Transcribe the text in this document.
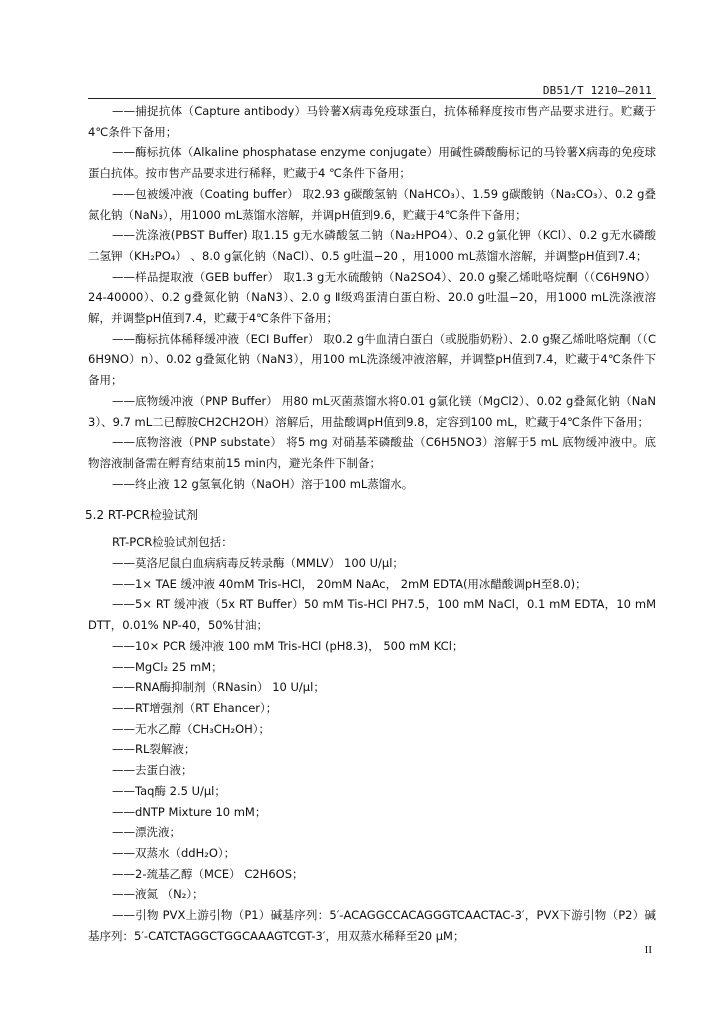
DB51/T 1210—2011

——捕捉抗体（Capture antibody）马铃薯X病毒免疫球蛋白，抗体稀释度按市售产品要求进行。贮藏于4℃条件下备用；

——酶标抗体（Alkaline phosphatase enzyme conjugate）用碱性磷酸酶标记的马铃薯X病毒的免疫球蛋白抗体。按市售产品要求进行稀释，贮藏于4 ℃条件下备用；

——包被缓冲液（Coating buffer） 取2.93 g碳酸氢钠（NaHCO₃）、1.59 g碳酸钠（Na₂CO₃）、0.2 g叠氮化钠（NaN₃），用1000 mL蒸馏水溶解，并调pH值到9.6，贮藏于4℃条件下备用；

——洗涤液(PBST Buffer) 取1.15 g无水磷酸氢二钠（Na₂HPO4）、0.2 g氯化钾（KCl）、0.2 g无水磷酸二氢钾（KH₂PO₄） 、8.0 g氯化钠（NaCl）、0.5 g吐温−20 ，用1000 mL蒸馏水溶解，并调整pH值到7.4；

——样品提取液（GEB buffer） 取1.3 g无水硫酸钠（Na2SO4）、20.0 g聚乙烯吡咯烷酮（（C6H9NO）24-40000）、0.2 g叠氮化钠（NaN3）、2.0 g Ⅱ级鸡蛋清白蛋白粉、20.0 g吐温−20，用1000 mL洗涤液溶解，并调整pH值到7.4，贮藏于4℃条件下备用；

——酶标抗体稀释缓冲液（ECI Buffer） 取0.2 g牛血清白蛋白（或脱脂奶粉）、2.0 g聚乙烯吡咯烷酮（（C6H9NO）n）、0.02 g叠氮化钠（NaN3），用100 mL洗涤缓冲液溶解，并调整pH值到7.4，贮藏于4℃条件下备用；

——底物缓冲液（PNP Buffer） 用80 mL灭菌蒸馏水将0.01 g氯化镁（MgCl2）、0.02 g叠氮化钠（NaN3）、9.7 mL二已醇胺CH2CH2OH）溶解后，用盐酸调pH值到9.8，定容到100 mL，贮藏于4℃条件下备用；

——底物溶液（PNP substate） 将5 mg 对硝基苯磷酸盐（C6H5NO3）溶解于5 mL 底物缓冲液中。底物溶液制备需在孵育结束前15 min内，避光条件下制备；

——终止液 12 g氢氧化钠（NaOH）溶于100 mL蒸馏水。

5.2 RT-PCR检验试剂

RT-PCR检验试剂包括：

——莫洛尼鼠白血病病毒反转录酶（MMLV） 100 U/μl；

——1× TAE 缓冲液 40mM Tris-HCl， 20mM NaAc， 2mM EDTA(用冰醋酸调pH至8.0)；

——5× RT 缓冲液（5x RT Buffer）50 mM Tis-HCl PH7.5，100 mM NaCl，0.1 mM EDTA，10 mM DTT，0.01% NP-40，50%甘油；

——10× PCR 缓冲液 100 mM Tris-HCl (pH8.3)， 500 mM KCl；

——MgCl₂ 25 mM；

——RNA酶抑制剂（RNasin） 10 U/μl；

——RT增强剂（RT Ehancer）；

——无水乙醇（CH₃CH₂OH）；

——RL裂解液；

——去蛋白液；

——Taq酶 2.5 U/μl；

——dNTP Mixture 10 mM；

——漂洗液；

——双蒸水（ddH₂O）；

——2-巯基乙醇（MCE） C2H6OS；

——液氮 （N₂）；

——引物 PVX上游引物（P1）碱基序列：5′-ACAGGCCACAGGGTCAACTAC-3′，PVX下游引物（P2）碱基序列：5′-CATCTAGGCTGGCAAAGTCGT-3′，用双蒸水稀释至20 μM；

II
